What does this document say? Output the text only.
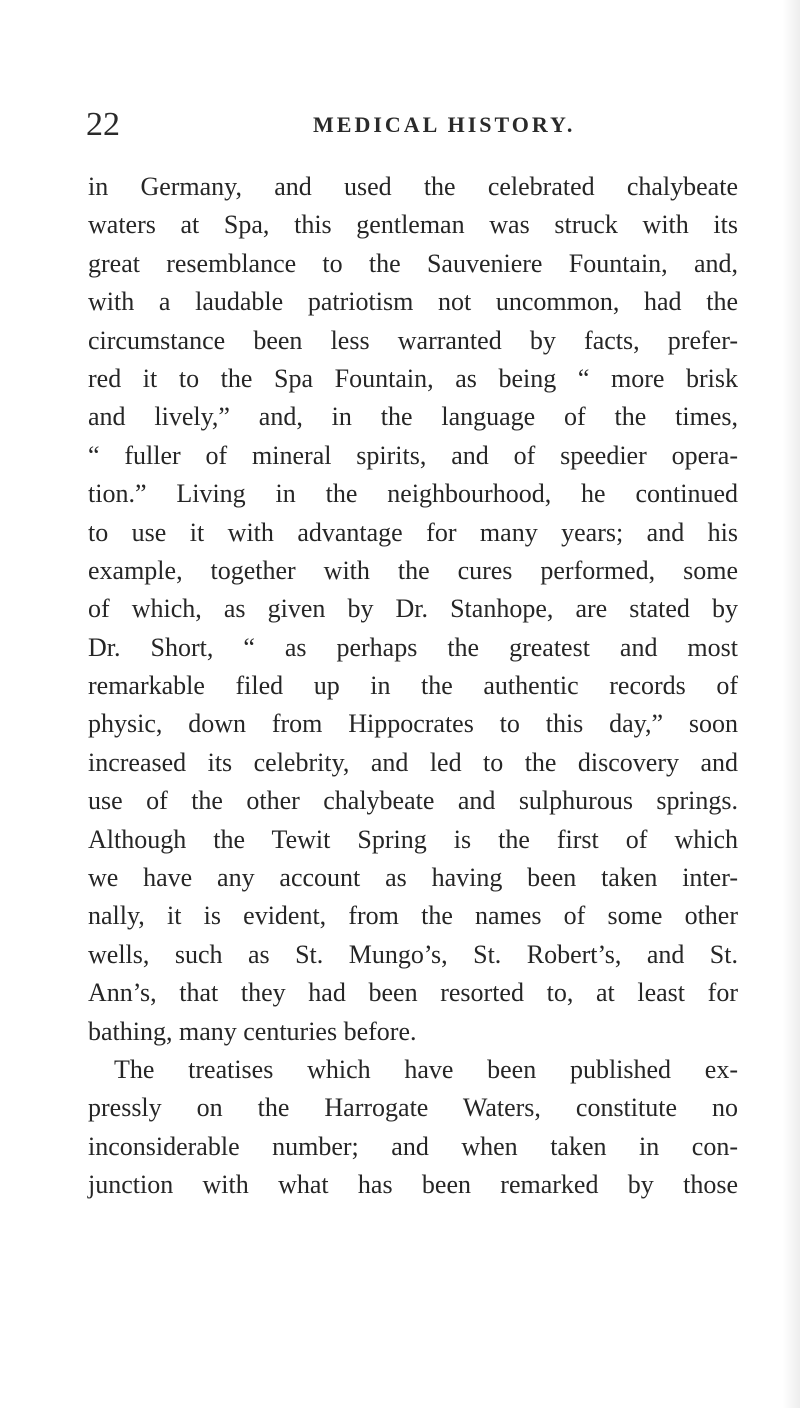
22	MEDICAL HISTORY.
in Germany, and used the celebrated chalybeate
waters at Spa, this gentleman was struck with its
great resemblance to the Sauveniere Fountain, and,
with a laudable patriotism not uncommon, had the
circumstance been less warranted by facts, prefer-
red it to the Spa Fountain, as being “ more brisk
and lively,” and, in the language of the times,
“ fuller of mineral spirits, and of speedier opera-
tion.” Living in the neighbourhood, he continued
to use it with advantage for many years; and his
example, together with the cures performed, some
of which, as given by Dr. Stanhope, are stated by
Dr. Short, “ as perhaps the greatest and most
remarkable filed up in the authentic records of
physic, down from Hippocrates to this day,” soon
increased its celebrity, and led to the discovery and
use of the other chalybeate and sulphurous springs.
Although the Tewit Spring is the first of which
we have any account as having been taken inter-
nally, it is evident, from the names of some other
wells, such as St. Mungo’s, St. Robert’s, and St.
Ann’s, that they had been resorted to, at least for
bathing, many centuries before.
The treatises which have been published ex-
pressly on the Harrogate Waters, constitute no
inconsiderable number; and when taken in con-
junction with what has been remarked by those
